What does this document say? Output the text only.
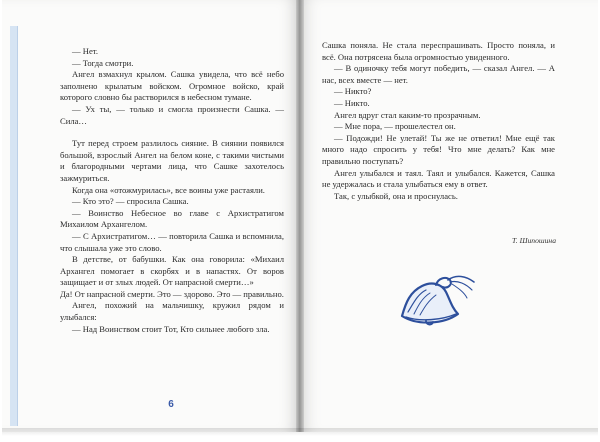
— Нет.

— Тогда смотри.

Ангел взмахнул крылом. Сашка увидела, что всё небо заполнено крылатым войском. Огромное войско, край которого словно бы растворился в небесном тумане.

— Ух ты, — только и смогла произнести Сашка. — Сила…

Тут перед строем разлилось сияние. В сиянии появился большой, взрослый Ангел на белом коне, с такими чистыми и благородными чертами лица, что Сашке захотелось зажмуриться.

Когда она «отожмурилась», все воины уже растаяли.

— Кто это? — спросила Сашка.

— Воинство Небесное во главе с Архистратигом Михаилом Архангелом.

— С Архистратигом… — повторила Сашка и вспомнила, что слышала уже это слово.

В детстве, от бабушки. Как она говорила: «Михаил Архангел помогает в скорбях и в напастях. От воров защищает и от злых людей. От напрасной смерти…»

Да! От напрасной смерти. Это — здорово. Это — правильно.

Ангел, похожий на мальчишку, кружил рядом и улыбался:

— Над Воинством стоит Тот, Кто сильнее любого зла.

6

Сашка поняла. Не стала переспрашивать. Просто поняла, и всё. Она потрясена была огромностью увиденного.

— В одиночку тебя могут победить, — сказал Ангел. — А нас, всех вместе — нет.

— Никто?

— Никто.

Ангел вдруг стал каким-то прозрачным.

— Мне пора, — прошелестел он.

— Подожди! Не улетай! Ты же не ответил! Мне ещё так много надо спросить у тебя! Что мне делать? Как мне правильно поступать?

Ангел улыбался и таял. Таял и улыбался. Кажется, Сашка не удержалась и стала улыбаться ему в ответ.

Так, с улыбкой, она и проснулась.

Т. Шипошина
